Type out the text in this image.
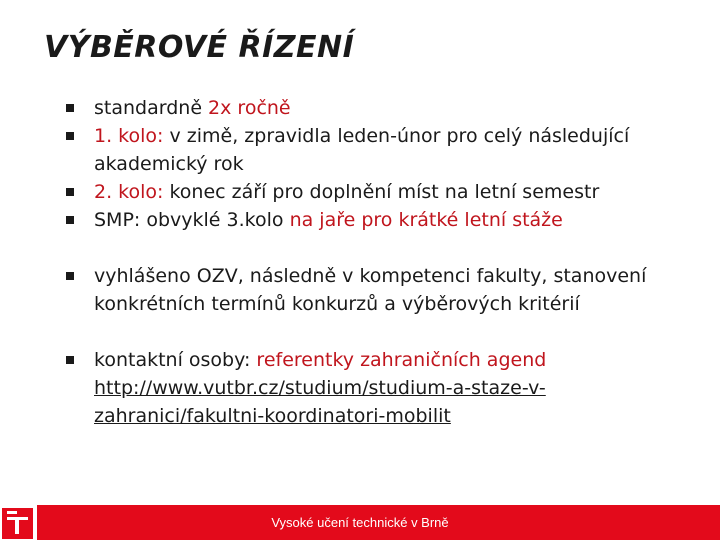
VÝBĚROVÉ ŘÍZENÍ
standardně 2x ročně
1. kolo: v zimě, zpravidla leden-únor pro celý následující akademický rok
2. kolo: konec září pro doplnění míst na letní semestr
SMP: obvyklé 3.kolo na jaře pro krátké letní stáže
vyhlášeno OZV, následně v kompetenci fakulty, stanovení konkrétních termínů konkurzů a výběrových kritérií
kontaktní osoby: referentky zahraničních agend
http://www.vutbr.cz/studium/studium-a-staze-v-zahranici/fakultni-koordinatori-mobilit
Vysoké učení technické v Brně
